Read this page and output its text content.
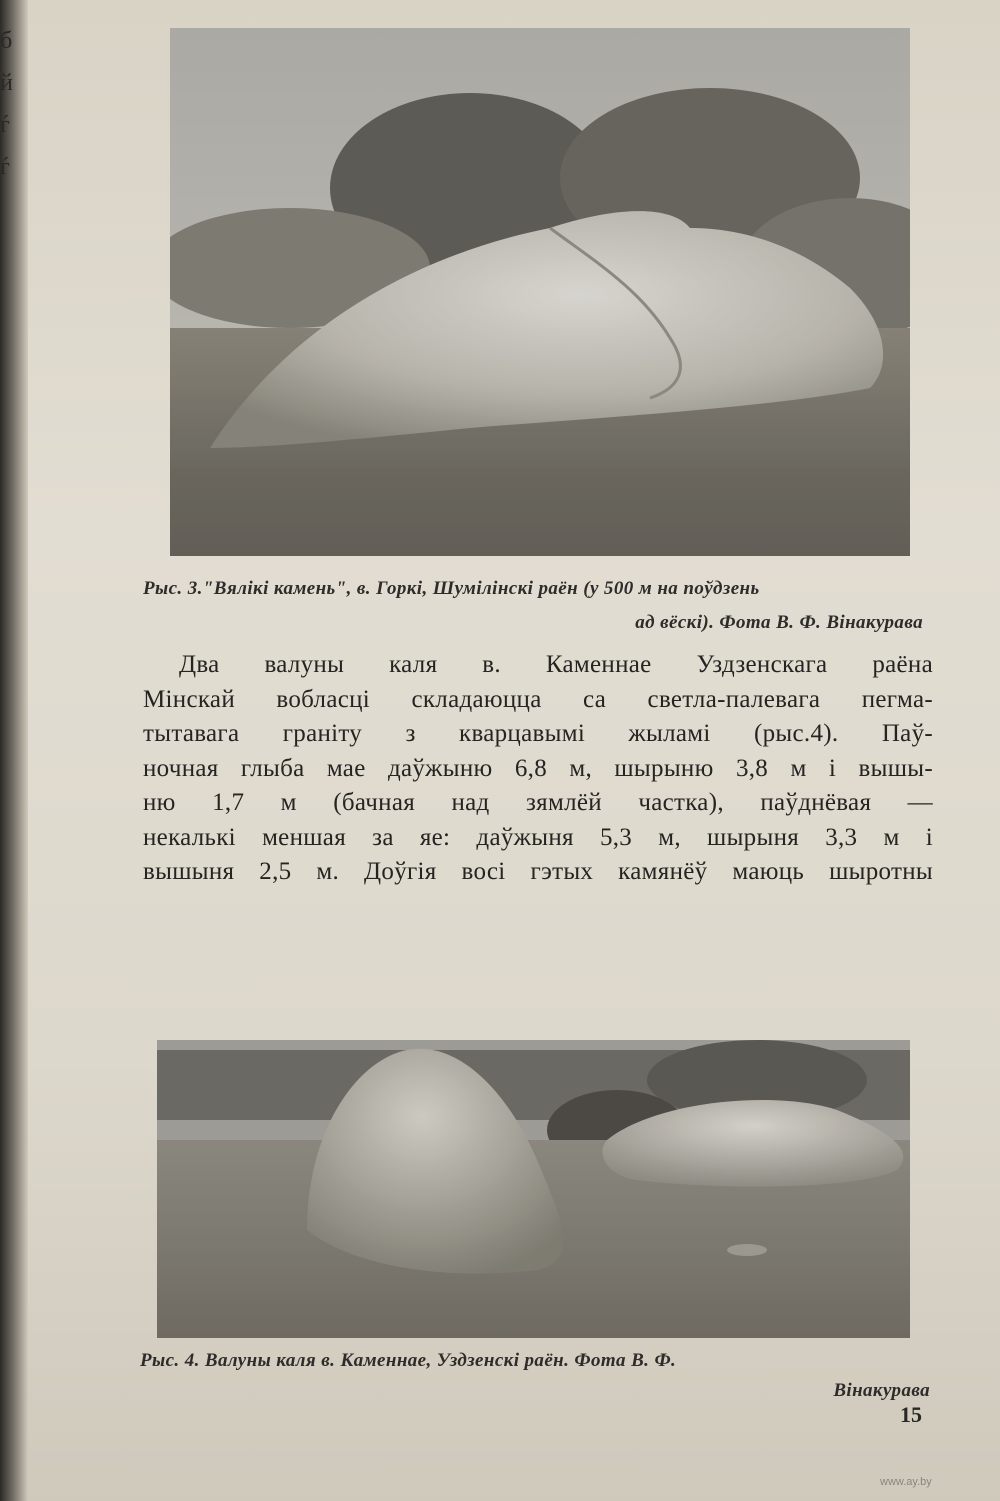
б
й
ѓ
ѓ
Рыс. 3."Вялікі камень", в. Горкі, Шумілінскі раён (у 500 м на поўдзень
ад вёскі). Фота В. Ф. Вінакурава
Два валуны каля в. Каменнае Уздзенскага раёна
Мінскай вобласці складаюцца са светла-палевага пегма-
тытавага граніту з кварцавымі жыламі (рыс.4). Паў-
ночная глыба мае даўжыню 6,8 м, шырыню 3,8 м і вышы-
ню 1,7 м (бачная над зямлёй частка), паўднёвая —
некалькі меншая за яе: даўжыня 5,3 м, шырыня 3,3 м і
вышыня 2,5 м. Доўгія восі гэтых камянёў маюць шыротны
Рыс. 4. Валуны каля в. Каменнае, Уздзенскі раён. Фота В. Ф.
Вінакурава
15
www.ay.by
